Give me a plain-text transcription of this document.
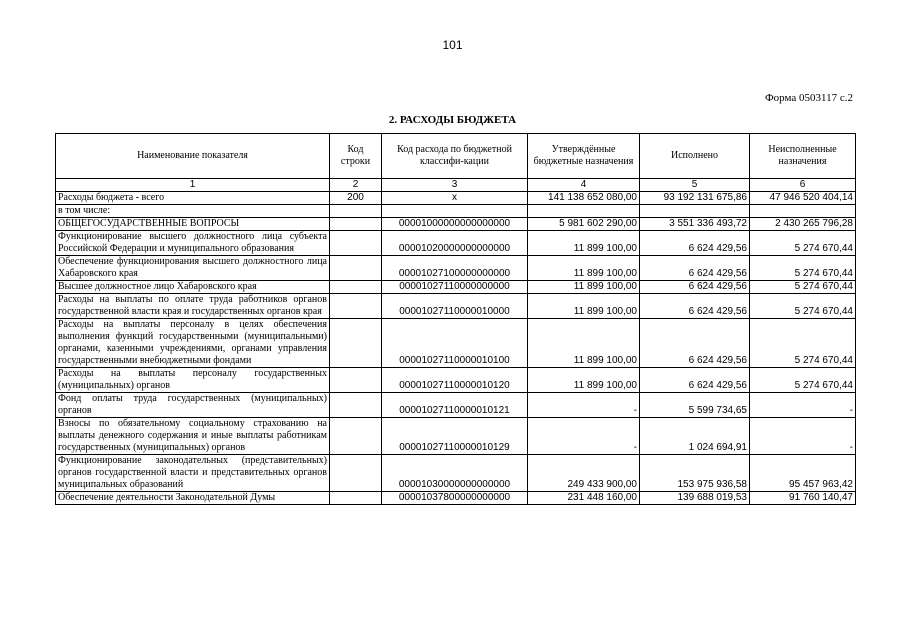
101
Форма 0503117 с.2
2. РАСХОДЫ БЮДЖЕТА
Наименование показателя	Код строки	Код расхода по бюджетной классифи-кации	Утверждённые бюджетные назначения	Исполнено	Неисполненные назначения
1	2	3	4	5	6
Расходы бюджета - всего	200	x	141 138 652 080,00	93 192 131 675,86	47 946 520 404,14
в том числе:					
ОБЩЕГОСУДАРСТВЕННЫЕ ВОПРОСЫ		00001000000000000000	5 981 602 290,00	3 551 336 493,72	2 430 265 796,28
Функционирование высшего должностного лица субъекта Российской Федерации и муниципального образования		00001020000000000000	11 899 100,00	6 624 429,56	5 274 670,44
Обеспечение функционирования высшего должностного лица Хабаровского края		00001027100000000000	11 899 100,00	6 624 429,56	5 274 670,44
Высшее должностное лицо Хабаровского края		00001027110000000000	11 899 100,00	6 624 429,56	5 274 670,44
Расходы на выплаты по оплате труда работников органов государственной власти края и государственных органов края		00001027110000010000	11 899 100,00	6 624 429,56	5 274 670,44
Расходы на выплаты персоналу в целях обеспечения выполнения функций государственными (муниципальными) органами, казенными учреждениями, органами управления государственными внебюджетными фондами		00001027110000010100	11 899 100,00	6 624 429,56	5 274 670,44
Расходы на выплаты персоналу государственных (муниципальных) органов		00001027110000010120	11 899 100,00	6 624 429,56	5 274 670,44
Фонд оплаты труда государственных (муниципальных) органов		00001027110000010121	-	5 599 734,65	-
Взносы по обязательному социальному страхованию на выплаты денежного содержания и иные выплаты работникам государственных (муниципальных) органов		00001027110000010129	-	1 024 694,91	-
Функционирование законодательных (представительных) органов государственной власти и представительных органов муниципальных образований		00001030000000000000	249 433 900,00	153 975 936,58	95 457 963,42
Обеспечение деятельности Законодательной Думы		00001037800000000000	231 448 160,00	139 688 019,53	91 760 140,47
